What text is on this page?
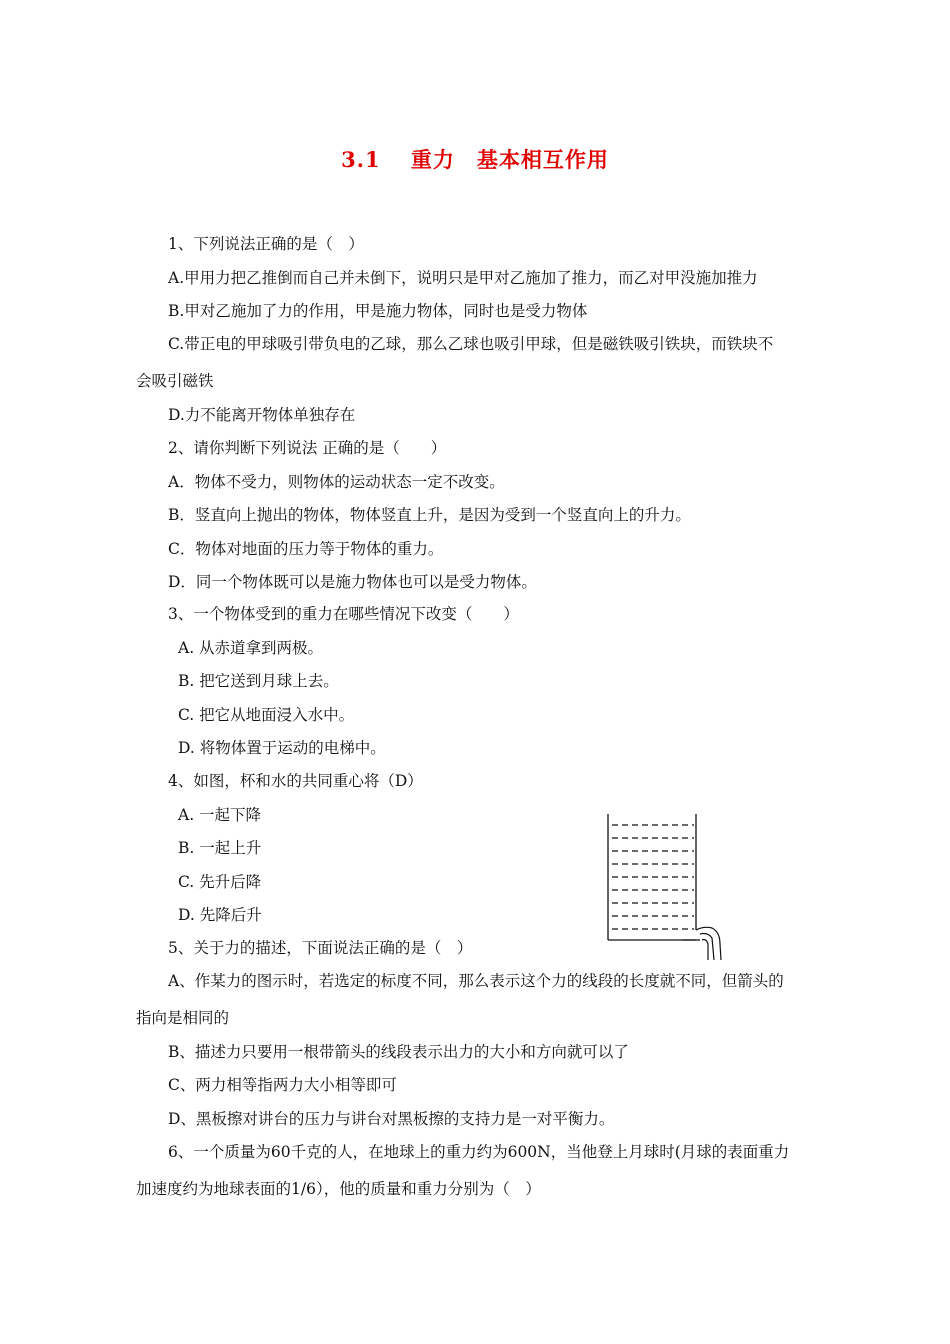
3.1　 重力　基本相互作用
1、下列说法正确的是（　）
A.甲用力把乙推倒而自己并未倒下，说明只是甲对乙施加了推力，而乙对甲没施加推力
B.甲对乙施加了力的作用，甲是施力物体，同时也是受力物体
C.带正电的甲球吸引带负电的乙球，那么乙球也吸引甲球，但是磁铁吸引铁块，而铁块不
会吸引磁铁
D.力不能离开物体单独存在
2、请你判断下列说法 正确的是（　　）
A．物体不受力，则物体的运动状态一定不改变。
B．竖直向上抛出的物体，物体竖直上升，是因为受到一个竖直向上的升力。
C．物体对地面的压力等于物体的重力。
D．同一个物体既可以是施力物体也可以是受力物体。
3、一个物体受到的重力在哪些情况下改变（　　）
A. 从赤道拿到两极。
B. 把它送到月球上去。
C. 把它从地面浸入水中。
D. 将物体置于运动的电梯中。
4、如图，杯和水的共同重心将（D）
A. 一起下降
B. 一起上升
C. 先升后降
D. 先降后升
5、关于力的描述，下面说法正确的是（　）
A、作某力的图示时，若选定的标度不同，那么表示这个力的线段的长度就不同，但箭头的
指向是相同的
B、描述力只要用一根带箭头的线段表示出力的大小和方向就可以了
C、两力相等指两力大小相等即可
D、黑板擦对讲台的压力与讲台对黑板擦的支持力是一对平衡力。
6、一个质量为60千克的人，在地球上的重力约为600N，当他登上月球时(月球的表面重力
加速度约为地球表面的1/6），他的质量和重力分别为（　）
